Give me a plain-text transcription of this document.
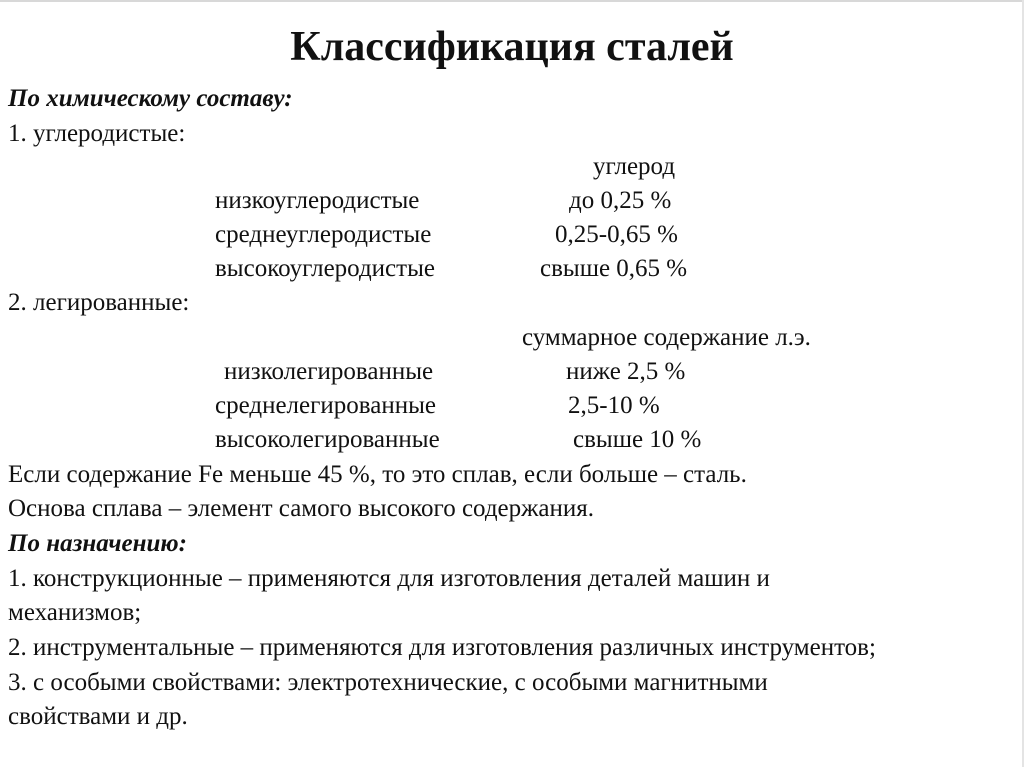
Классификация сталей
По химическому составу:
1. углеродистые:
углерод
низкоуглеродистые	до 0,25 %
среднеуглеродистые	0,25-0,65 %
высокоуглеродистые	свыше 0,65 %
2. легированные:
суммарное содержание л.э.
низколегированные	ниже 2,5 %
среднелегированные	2,5-10 %
высоколегированные	свыше 10 %
Если содержание Fe меньше 45 %, то это сплав, если больше – сталь.
Основа сплава – элемент самого высокого содержания.
По назначению:
1. конструкционные – применяются для изготовления деталей машин и
механизмов;
2. инструментальные – применяются для изготовления различных инструментов;
3. с особыми свойствами: электротехнические, с особыми магнитными
свойствами и др.
